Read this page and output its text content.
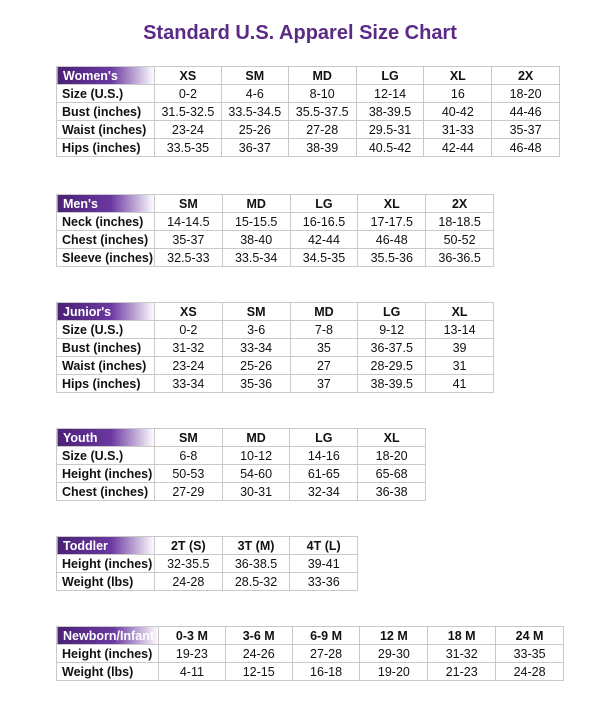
Standard U.S. Apparel Size Chart
Women's	XS	SM	MD	LG	XL	2X
Size (U.S.)	0-2	4-6	8-10	12-14	16	18-20
Bust (inches)	31.5-32.5	33.5-34.5	35.5-37.5	38-39.5	40-42	44-46
Waist (inches)	23-24	25-26	27-28	29.5-31	31-33	35-37
Hips (inches)	33.5-35	36-37	38-39	40.5-42	42-44	46-48
Men's	SM	MD	LG	XL	2X
Neck (inches)	14-14.5	15-15.5	16-16.5	17-17.5	18-18.5
Chest (inches)	35-37	38-40	42-44	46-48	50-52
Sleeve (inches)	32.5-33	33.5-34	34.5-35	35.5-36	36-36.5
Junior's	XS	SM	MD	LG	XL
Size (U.S.)	0-2	3-6	7-8	9-12	13-14
Bust (inches)	31-32	33-34	35	36-37.5	39
Waist (inches)	23-24	25-26	27	28-29.5	31
Hips (inches)	33-34	35-36	37	38-39.5	41
Youth	SM	MD	LG	XL
Size (U.S.)	6-8	10-12	14-16	18-20
Height (inches)	50-53	54-60	61-65	65-68
Chest (inches)	27-29	30-31	32-34	36-38
Toddler	2T (S)	3T (M)	4T (L)
Height (inches)	32-35.5	36-38.5	39-41
Weight (lbs)	24-28	28.5-32	33-36
Newborn/Infant	0-3 M	3-6 M	6-9 M	12 M	18 M	24 M
Height (inches)	19-23	24-26	27-28	29-30	31-32	33-35
Weight (lbs)	4-11	12-15	16-18	19-20	21-23	24-28
